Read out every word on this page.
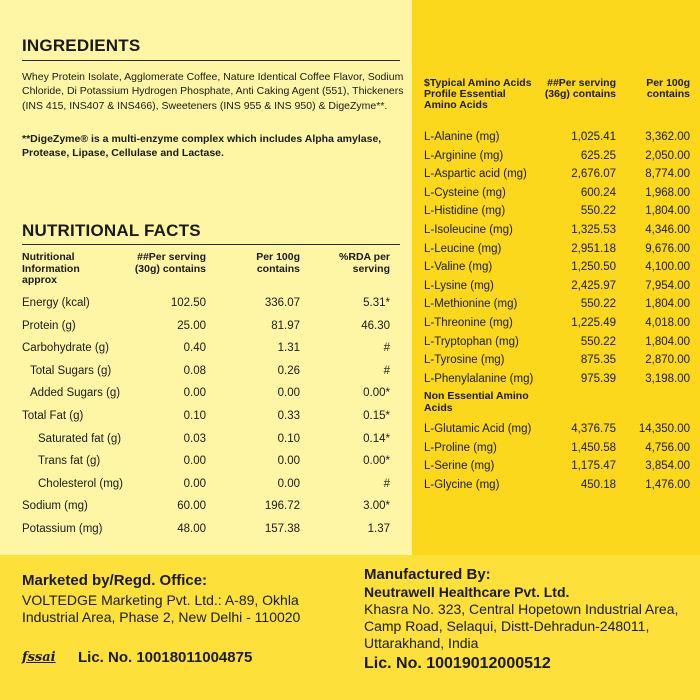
INGREDIENTS
Whey Protein Isolate, Agglomerate Coffee, Nature Identical Coffee Flavor, Sodium Chloride, Di Potassium Hydrogen Phosphate, Anti Caking Agent (551), Thickeners (INS 415, INS407 & INS466), Sweeteners (INS 955 & INS 950) & DigeZyme**.
**DigeZyme® is a multi-enzyme complex which includes Alpha amylase, Protease, Lipase, Cellulase and Lactase.
NUTRITIONAL FACTS
Nutritional Information approx
##Per serving (30g) contains
Per 100g contains
%RDA per serving
Energy (kcal)	102.50	336.07	5.31*
Protein (g)	25.00	81.97	46.30
Carbohydrate (g)	0.40	1.31	#
Total Sugars (g)	0.08	0.26	#
Added Sugars (g)	0.00	0.00	0.00*
Total Fat (g)	0.10	0.33	0.15*
Saturated fat (g)	0.03	0.10	0.14*
Trans fat (g)	0.00	0.00	0.00*
Cholesterol (mg)	0.00	0.00	#
Sodium (mg)	60.00	196.72	3.00*
Potassium (mg)	48.00	157.38	1.37
$Typical Amino Acids Profile Essential Amino Acids
##Per serving (36g) contains
Per 100g contains
L-Alanine (mg)	1,025.41	3,362.00
L-Arginine (mg)	625.25	2,050.00
L-Aspartic acid (mg)	2,676.07	8,774.00
L-Cysteine (mg)	600.24	1,968.00
L-Histidine (mg)	550.22	1,804.00
L-Isoleucine (mg)	1,325.53	4,346.00
L-Leucine (mg)	2,951.18	9,676.00
L-Valine (mg)	1,250.50	4,100.00
L-Lysine (mg)	2,425.97	7,954.00
L-Methionine (mg)	550.22	1,804.00
L-Threonine (mg)	1,225.49	4,018.00
L-Tryptophan (mg)	550.22	1,804.00
L-Tyrosine (mg)	875.35	2,870.00
L-Phenylalanine (mg)	975.39	3,198.00
Non Essential Amino Acids
L-Glutamic Acid (mg)	4,376.75 14,350.00
L-Proline (mg)	1,450.58	4,756.00
L-Serine (mg)	1,175.47	3,854.00
L-Glycine (mg)	450.18	1,476.00
Marketed by/Regd. Office:
VOLTEDGE Marketing Pvt. Ltd.: A-89, Okhla Industrial Area, Phase 2, New Delhi - 110020
fssai Lic. No. 10018011004875
Manufactured By:
Neutrawell Healthcare Pvt. Ltd.
Khasra No. 323, Central Hopetown Industrial Area, Camp Road, Selaqui, Distt-Dehradun-248011, Uttarakhand, India
Lic. No. 10019012000512
